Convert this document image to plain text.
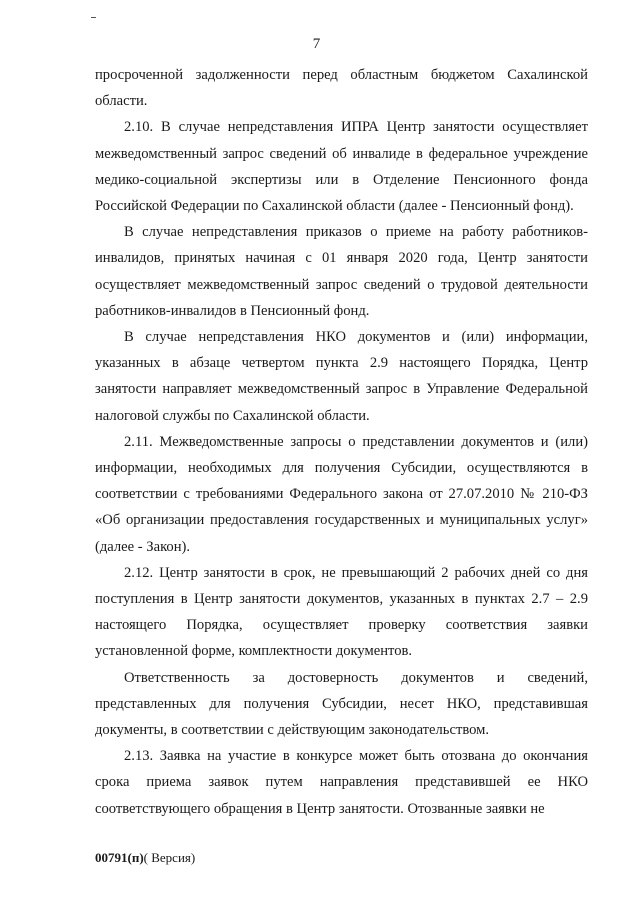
7

просроченной задолженности перед областным бюджетом Сахалинской области.

2.10. В случае непредставления ИПРА Центр занятости осуществляет межведомственный запрос сведений об инвалиде в федеральное учреждение медико-социальной экспертизы или в Отделение Пенсионного фонда Российской Федерации по Сахалинской области (далее - Пенсионный фонд).

В случае непредставления приказов о приеме на работу работников-инвалидов, принятых начиная с 01 января 2020 года, Центр занятости осуществляет межведомственный запрос сведений о трудовой деятельности работников-инвалидов в Пенсионный фонд.

В случае непредставления НКО документов и (или) информации, указанных в абзаце четвертом пункта 2.9 настоящего Порядка, Центр занятости направляет межведомственный запрос в Управление Федеральной налоговой службы по Сахалинской области.

2.11. Межведомственные запросы о представлении документов и (или) информации, необходимых для получения Субсидии, осуществляются в соответствии с требованиями Федерального закона от 27.07.2010 № 210-ФЗ «Об организации предоставления государственных и муниципальных услуг» (далее - Закон).

2.12. Центр занятости в срок, не превышающий 2 рабочих дней со дня поступления в Центр занятости документов, указанных в пунктах 2.7 – 2.9 настоящего Порядка, осуществляет проверку соответствия заявки установленной форме, комплектности документов.

Ответственность за достоверность документов и сведений, представленных для получения Субсидии, несет НКО, представившая документы, в соответствии с действующим законодательством.

2.13. Заявка на участие в конкурсе может быть отозвана до окончания срока приема заявок путем направления представившей ее НКО соответствующего обращения в Центр занятости. Отозванные заявки не

00791(п)( Версия)
